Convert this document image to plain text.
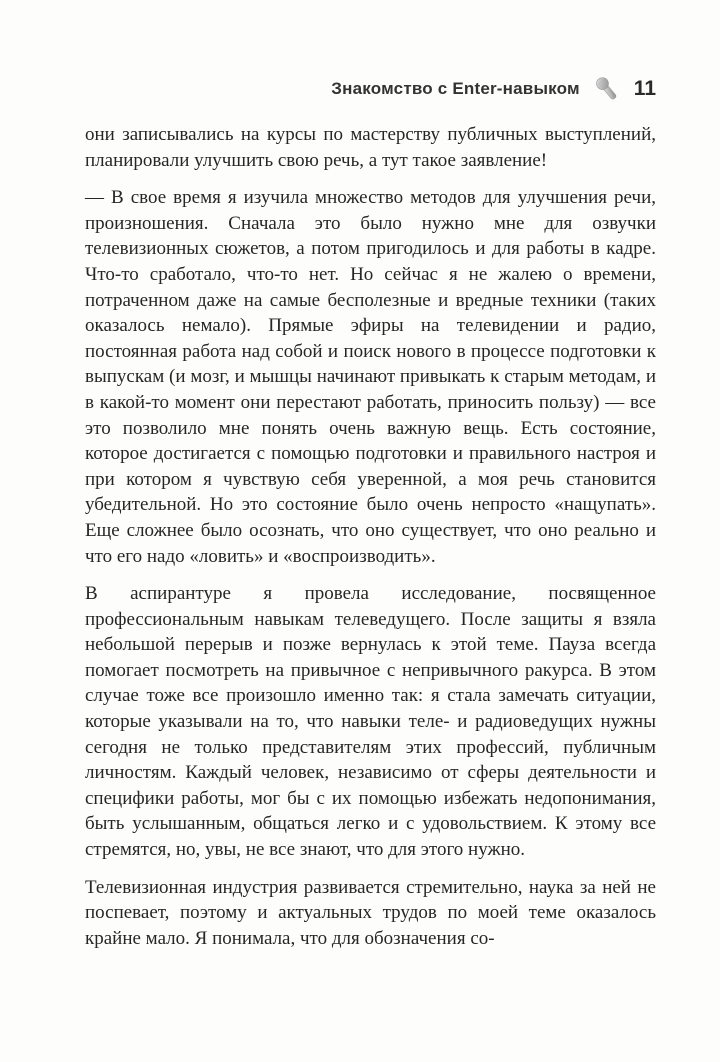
Знакомство с Enter-навыком	11

они записывались на курсы по мастерству публичных выступлений, планировали улучшить свою речь, а тут такое заявление!

— В свое время я изучила множество методов для улучшения речи, произношения. Сначала это было нужно мне для озвучки телевизионных сюжетов, а потом пригодилось и для работы в кадре. Что-то сработало, что-то нет. Но сейчас я не жалею о времени, потраченном даже на самые бесполезные и вредные техники (таких оказалось немало). Прямые эфиры на телевидении и радио, постоянная работа над собой и поиск нового в процессе подготовки к выпускам (и мозг, и мышцы начинают привыкать к старым методам, и в какой-то момент они перестают работать, приносить пользу) — все это позволило мне понять очень важную вещь. Есть состояние, которое достигается с помощью подготовки и правильного настроя и при котором я чувствую себя уверенной, а моя речь становится убедительной. Но это состояние было очень непросто «нащупать». Еще сложнее было осознать, что оно существует, что оно реально и что его надо «ловить» и «воспроизводить».

В аспирантуре я провела исследование, посвященное профессиональным навыкам телеведущего. После защиты я взяла небольшой перерыв и позже вернулась к этой теме. Пауза всегда помогает посмотреть на привычное с непривычного ракурса. В этом случае тоже все произошло именно так: я стала замечать ситуации, которые указывали на то, что навыки теле- и радиоведущих нужны сегодня не только представителям этих профессий, публичным личностям. Каждый человек, независимо от сферы деятельности и специфики работы, мог бы с их помощью избежать недопонимания, быть услышанным, общаться легко и с удовольствием. К этому все стремятся, но, увы, не все знают, что для этого нужно.

Телевизионная индустрия развивается стремительно, наука за ней не поспевает, поэтому и актуальных трудов по моей теме оказалось крайне мало. Я понимала, что для обозначения со-
